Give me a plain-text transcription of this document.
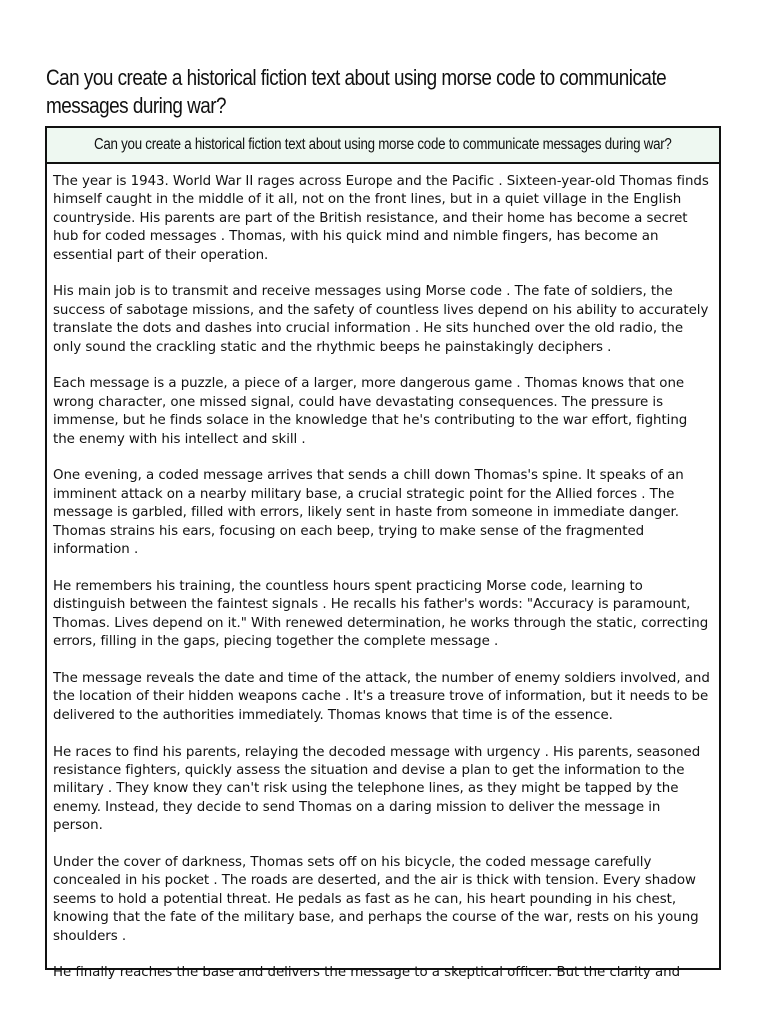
Can you create a historical fiction text about using morse code to communicate messages during war?
Can you create a historical fiction text about using morse code to communicate messages during war?

The year is 1943. World War II rages across Europe and the Pacific . Sixteen-year-old Thomas finds himself caught in the middle of it all, not on the front lines, but in a quiet village in the English countryside. His parents are part of the British resistance, and their home has become a secret hub for coded messages . Thomas, with his quick mind and nimble fingers, has become an essential part of their operation.

His main job is to transmit and receive messages using Morse code . The fate of soldiers, the success of sabotage missions, and the safety of countless lives depend on his ability to accurately translate the dots and dashes into crucial information . He sits hunched over the old radio, the only sound the crackling static and the rhythmic beeps he painstakingly deciphers .

Each message is a puzzle, a piece of a larger, more dangerous game . Thomas knows that one wrong character, one missed signal, could have devastating consequences. The pressure is immense, but he finds solace in the knowledge that he's contributing to the war effort, fighting the enemy with his intellect and skill .

One evening, a coded message arrives that sends a chill down Thomas's spine. It speaks of an imminent attack on a nearby military base, a crucial strategic point for the Allied forces . The message is garbled, filled with errors, likely sent in haste from someone in immediate danger. Thomas strains his ears, focusing on each beep, trying to make sense of the fragmented information .

He remembers his training, the countless hours spent practicing Morse code, learning to distinguish between the faintest signals . He recalls his father's words: "Accuracy is paramount, Thomas. Lives depend on it." With renewed determination, he works through the static, correcting errors, filling in the gaps, piecing together the complete message .

The message reveals the date and time of the attack, the number of enemy soldiers involved, and the location of their hidden weapons cache . It's a treasure trove of information, but it needs to be delivered to the authorities immediately. Thomas knows that time is of the essence.

He races to find his parents, relaying the decoded message with urgency . His parents, seasoned resistance fighters, quickly assess the situation and devise a plan to get the information to the military . They know they can't risk using the telephone lines, as they might be tapped by the enemy. Instead, they decide to send Thomas on a daring mission to deliver the message in person.

Under the cover of darkness, Thomas sets off on his bicycle, the coded message carefully concealed in his pocket . The roads are deserted, and the air is thick with tension. Every shadow seems to hold a potential threat. He pedals as fast as he can, his heart pounding in his chest, knowing that the fate of the military base, and perhaps the course of the war, rests on his young shoulders .

He finally reaches the base and delivers the message to a skeptical officer. But the clarity and
